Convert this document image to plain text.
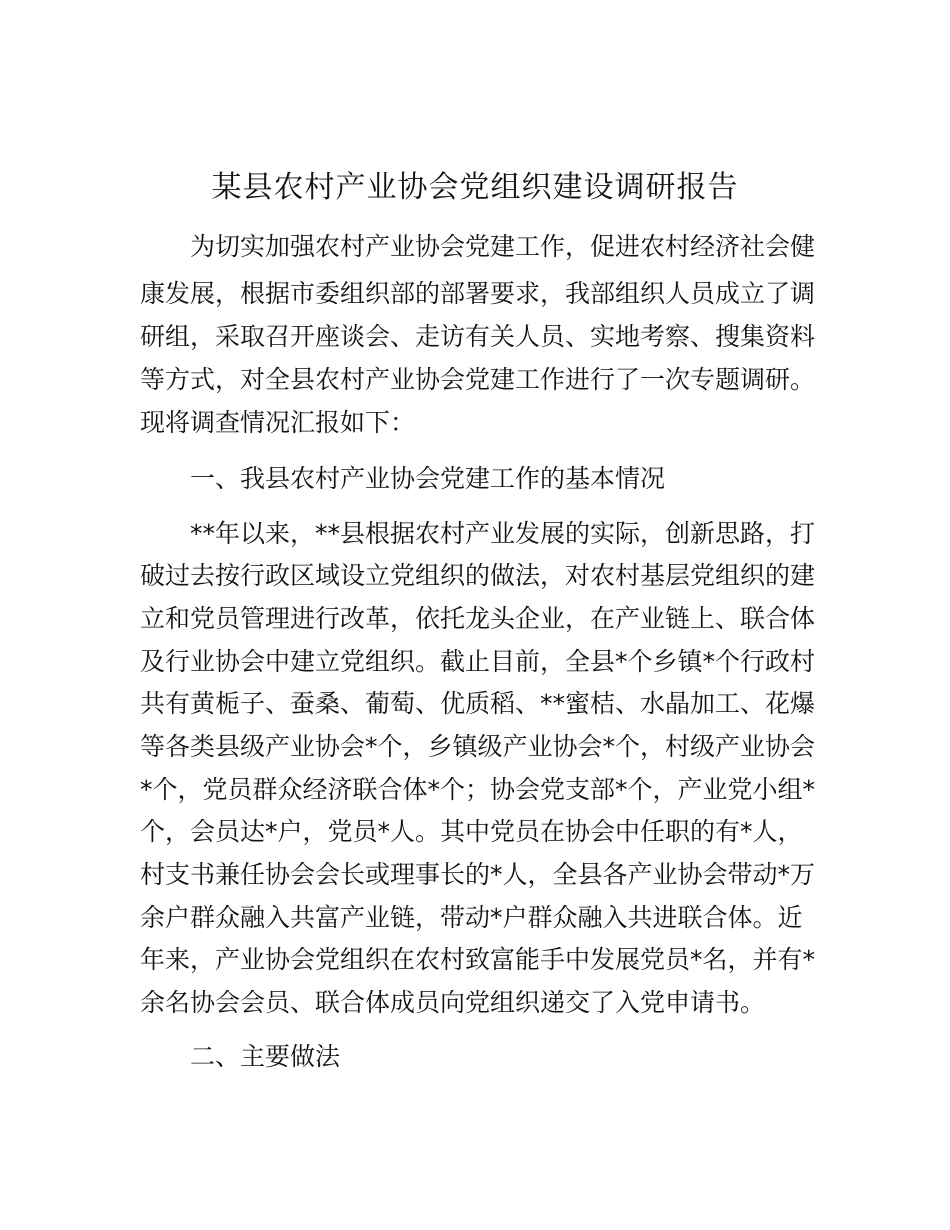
某县农村产业协会党组织建设调研报告

为切实加强农村产业协会党建工作，促进农村经济社会健

康发展，根据市委组织部的部署要求，我部组织人员成立了调

研组，采取召开座谈会、走访有关人员、实地考察、搜集资料

等方式，对全县农村产业协会党建工作进行了一次专题调研。

现将调查情况汇报如下：

一、我县农村产业协会党建工作的基本情况

**年以来，**县根据农村产业发展的实际，创新思路，打

破过去按行政区域设立党组织的做法，对农村基层党组织的建

立和党员管理进行改革，依托龙头企业，在产业链上、联合体

及行业协会中建立党组织。截止目前，全县*个乡镇*个行政村

共有黄栀子、蚕桑、葡萄、优质稻、**蜜桔、水晶加工、花爆

等各类县级产业协会*个，乡镇级产业协会*个，村级产业协会

*个，党员群众经济联合体*个；协会党支部*个，产业党小组*

个，会员达*户，党员*人。其中党员在协会中任职的有*人，

村支书兼任协会会长或理事长的*人，全县各产业协会带动*万

余户群众融入共富产业链，带动*户群众融入共进联合体。近

年来，产业协会党组织在农村致富能手中发展党员*名，并有*

余名协会会员、联合体成员向党组织递交了入党申请书。

二、主要做法
